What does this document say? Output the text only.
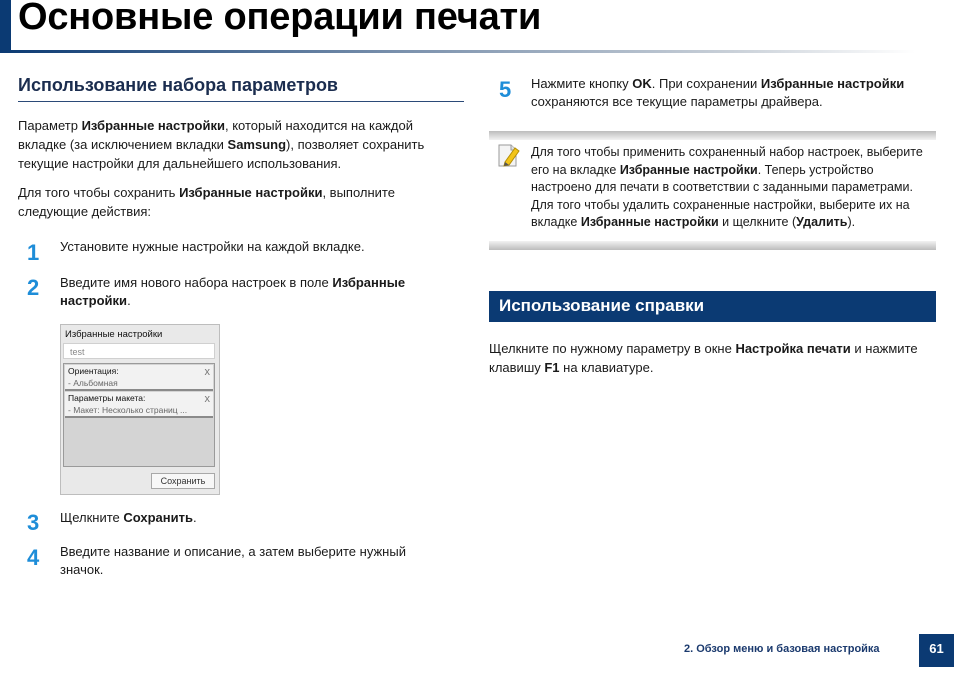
Основные операции печати
Использование набора параметров
Параметр Избранные настройки, который находится на каждой
вкладке (за исключением вкладки Samsung), позволяет сохранить
текущие настройки для дальнейшего использования.
Для того чтобы сохранить Избранные настройки, выполните
следующие действия:
1 Установите нужные настройки на каждой вкладке.
2 Введите имя нового набора настроек в поле Избранные
настройки.
Избранные настройки
test
Ориентация:
- Альбомная
x
Параметры макета:
- Макет: Несколько страниц ...
x
Сохранить
3 Щелкните Сохранить.
4 Введите название и описание, а затем выберите нужный
значок.
5 Нажмите кнопку OK. При сохранении Избранные настройки
сохраняются все текущие параметры драйвера.
Для того чтобы применить сохраненный набор настроек, выберите
его на вкладке Избранные настройки. Теперь устройство
настроено для печати в соответствии с заданными параметрами.
Для того чтобы удалить сохраненные настройки, выберите их на
вкладке Избранные настройки и щелкните (Удалить).
Использование справки
Щелкните по нужному параметру в окне Настройка печати и нажмите
клавишу F1 на клавиатуре.
2. Обзор меню и базовая настройка	61
